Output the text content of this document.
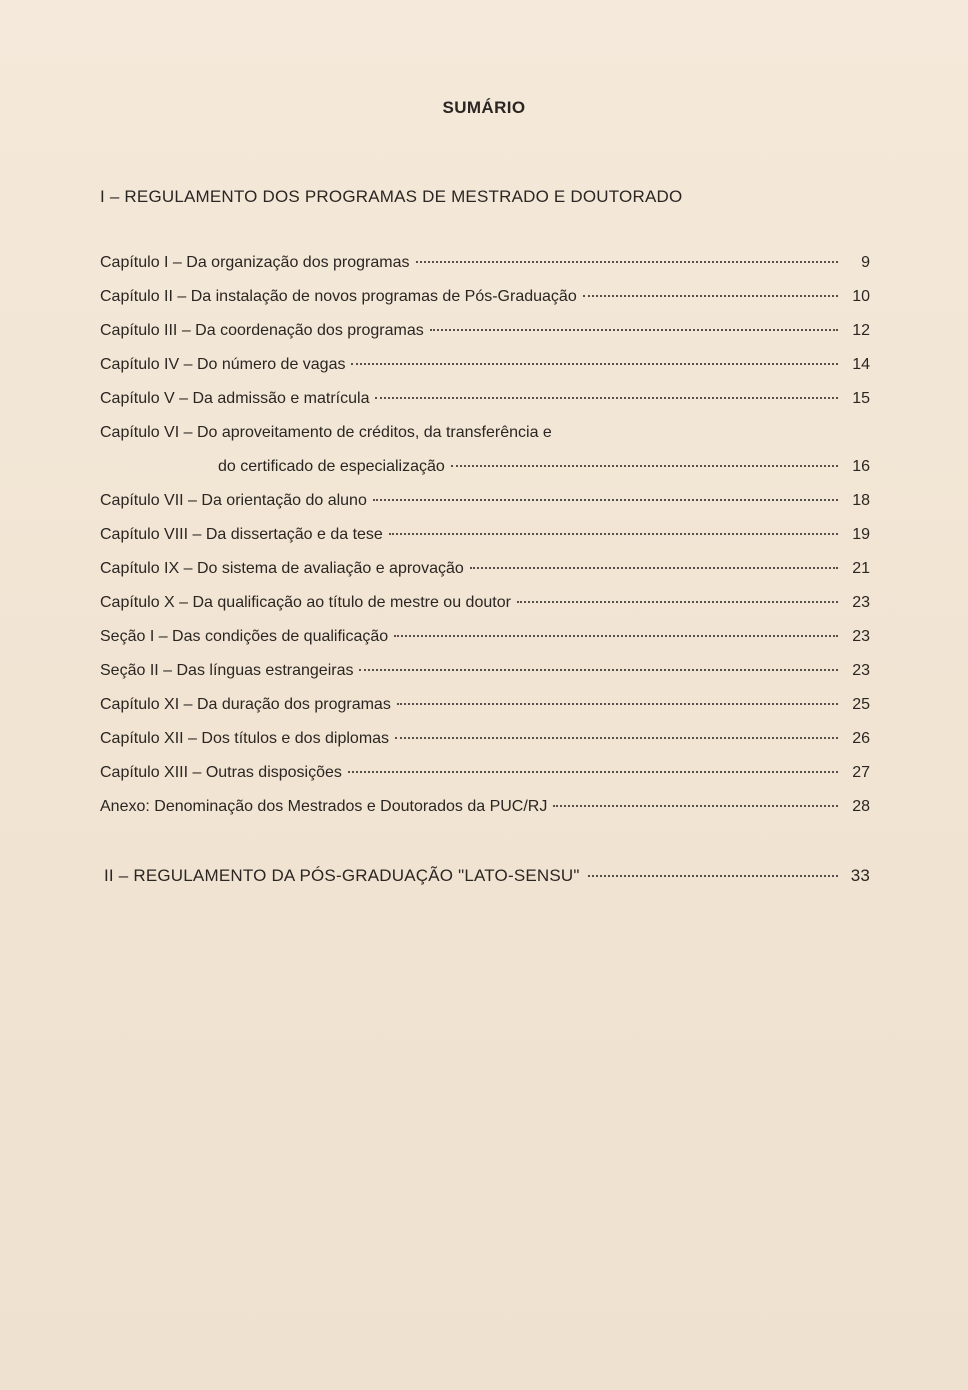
SUMÁRIO
I – REGULAMENTO DOS PROGRAMAS DE MESTRADO E DOUTORADO
Capítulo I – Da organização dos programas	9
Capítulo II – Da instalação de novos programas de Pós-Graduação	10
Capítulo III – Da coordenação dos programas	12
Capítulo IV – Do número de vagas	14
Capítulo V – Da admissão e matrícula	15
Capítulo VI – Do aproveitamento de créditos, da transferência e
do certificado de especialização	16
Capítulo VII – Da orientação do aluno	18
Capítulo VIII – Da dissertação e da tese	19
Capítulo IX – Do sistema de avaliação e aprovação	21
Capítulo X – Da qualificação ao título de mestre ou doutor	23
Seção I – Das condições de qualificação	23
Seção II – Das línguas estrangeiras	23
Capítulo XI – Da duração dos programas	25
Capítulo XII – Dos títulos e dos diplomas	26
Capítulo XIII – Outras disposições	27
Anexo: Denominação dos Mestrados e Doutorados da PUC/RJ	28
II – REGULAMENTO DA PÓS-GRADUAÇÃO "LATO-SENSU"	33
